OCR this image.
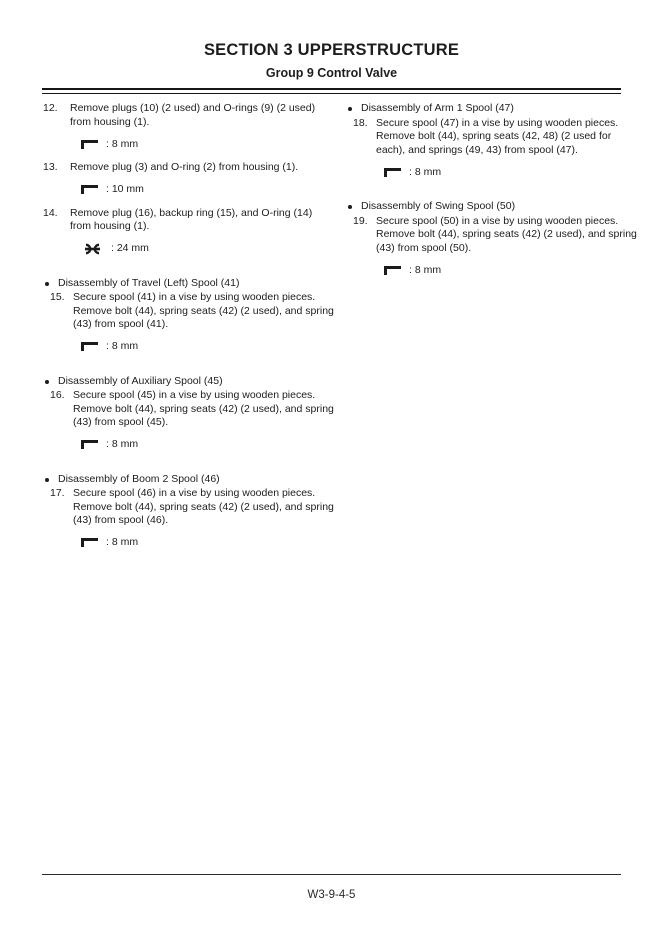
SECTION 3 UPPERSTRUCTURE
Group 9 Control Valve
12.	Remove plugs (10) (2 used) and O-rings (9) (2 used) from housing (1).
: 8 mm
13.	Remove plug (3) and O-ring (2) from housing (1).
: 10 mm
14.	Remove plug (16), backup ring (15), and O-ring (14) from housing (1).
: 24 mm
Disassembly of Travel (Left) Spool (41)
15. Secure spool (41) in a vise by using wooden pieces. Remove bolt (44), spring seats (42) (2 used), and spring (43) from spool (41).
: 8 mm
Disassembly of Auxiliary Spool (45)
16. Secure spool (45) in a vise by using wooden pieces. Remove bolt (44), spring seats (42) (2 used), and spring (43) from spool (45).
: 8 mm
Disassembly of Boom 2 Spool (46)
17. Secure spool (46) in a vise by using wooden pieces. Remove bolt (44), spring seats (42) (2 used), and spring (43) from spool (46).
: 8 mm
Disassembly of Arm 1 Spool (47)
18. Secure spool (47) in a vise by using wooden pieces. Remove bolt (44), spring seats (42, 48) (2 used for each), and springs (49, 43) from spool (47).
: 8 mm
Disassembly of Swing Spool (50)
19. Secure spool (50) in a vise by using wooden pieces. Remove bolt (44), spring seats (42) (2 used), and spring (43) from spool (50).
: 8 mm
W3-9-4-5
